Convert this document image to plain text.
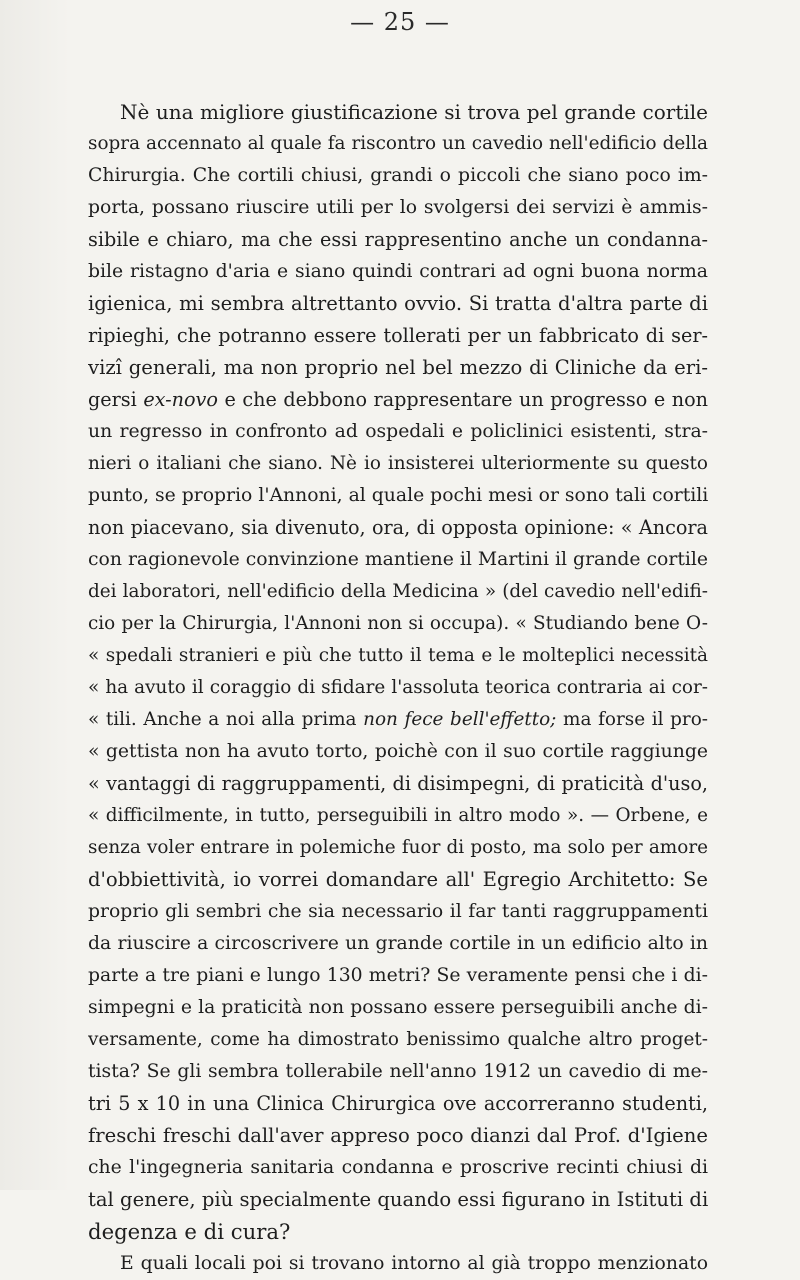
— 25 —
Nè una migliore giustificazione si trova pel grande cortile
sopra accennato al quale fa riscontro un cavedio nell'edificio della
Chirurgia. Che cortili chiusi, grandi o piccoli che siano poco im-
porta, possano riuscire utili per lo svolgersi dei servizi è ammis-
sibile e chiaro, ma che essi rappresentino anche un condanna-
bile ristagno d'aria e siano quindi contrari ad ogni buona norma
igienica, mi sembra altrettanto ovvio. Si tratta d'altra parte di
ripieghi, che potranno essere tollerati per un fabbricato di ser-
vizî generali, ma non proprio nel bel mezzo di Cliniche da eri-
gersi ex-novo e che debbono rappresentare un progresso e non
un regresso in confronto ad ospedali e policlinici esistenti, stra-
nieri o italiani che siano. Nè io insisterei ulteriormente su questo
punto, se proprio l'Annoni, al quale pochi mesi or sono tali cortili
non piacevano, sia divenuto, ora, di opposta opinione: « Ancora
con ragionevole convinzione mantiene il Martini il grande cortile
dei laboratori, nell'edificio della Medicina » (del cavedio nell'edifi-
cio per la Chirurgia, l'Annoni non si occupa). « Studiando bene O-
« spedali stranieri e più che tutto il tema e le molteplici necessità
« ha avuto il coraggio di sfidare l'assoluta teorica contraria ai cor-
« tili. Anche a noi alla prima non fece bell'effetto; ma forse il pro-
« gettista non ha avuto torto, poichè con il suo cortile raggiunge
« vantaggi di raggruppamenti, di disimpegni, di praticità d'uso,
« difficilmente, in tutto, perseguibili in altro modo ». — Orbene, e
senza voler entrare in polemiche fuor di posto, ma solo per amore
d'obbiettività, io vorrei domandare all' Egregio Architetto: Se
proprio gli sembri che sia necessario il far tanti raggruppamenti
da riuscire a circoscrivere un grande cortile in un edificio alto in
parte a tre piani e lungo 130 metri? Se veramente pensi che i di-
simpegni e la praticità non possano essere perseguibili anche di-
versamente, come ha dimostrato benissimo qualche altro proget-
tista? Se gli sembra tollerabile nell'anno 1912 un cavedio di me-
tri 5 x 10 in una Clinica Chirurgica ove accorreranno studenti,
freschi freschi dall'aver appreso poco dianzi dal Prof. d'Igiene
che l'ingegneria sanitaria condanna e proscrive recinti chiusi di
tal genere, più specialmente quando essi figurano in Istituti di
degenza e di cura?
E quali locali poi si trovano intorno al già troppo menzionato
